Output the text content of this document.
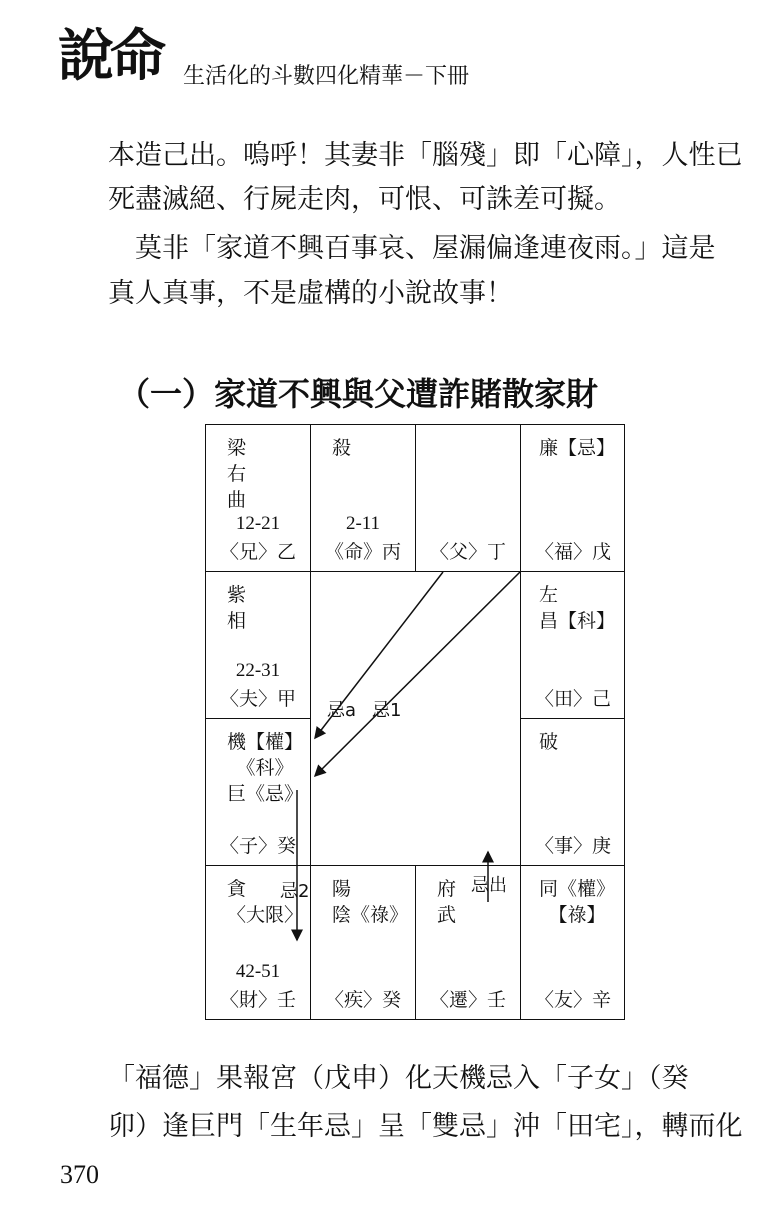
說命 生活化的斗數四化精華－下冊
本造己出。嗚呼！其妻非「腦殘」即「心障」，人性已
死盡滅絕、行屍走肉，可恨、可誅差可擬。
　莫非「家道不興百事哀、屋漏偏逢連夜雨。」這是
真人真事，不是虛構的小說故事！
（一）家道不興與父遭詐賭散家財
梁
右
曲
12-21
〈兄〉乙
殺
2-11
《命》丙 〈父〉丁
廉【忌】
〈福〉戊
紫
相
22-31
〈夫〉甲
左
昌【科】
〈田〉己
機【權】
　《科》
巨《忌》
〈子〉癸
破
〈事〉庚
貪
〈大限〉
42-51
〈財〉壬
陽
陰《祿》
〈疾〉癸
府
武
〈遷〉壬
同《權》
　【祿】
〈友〉辛
忌a 忌1
忌2	忌出
「福德」果報宮（戊申）化天機忌入「子女」（癸
卯）逢巨門「生年忌」呈「雙忌」沖「田宅」，轉而化
370
